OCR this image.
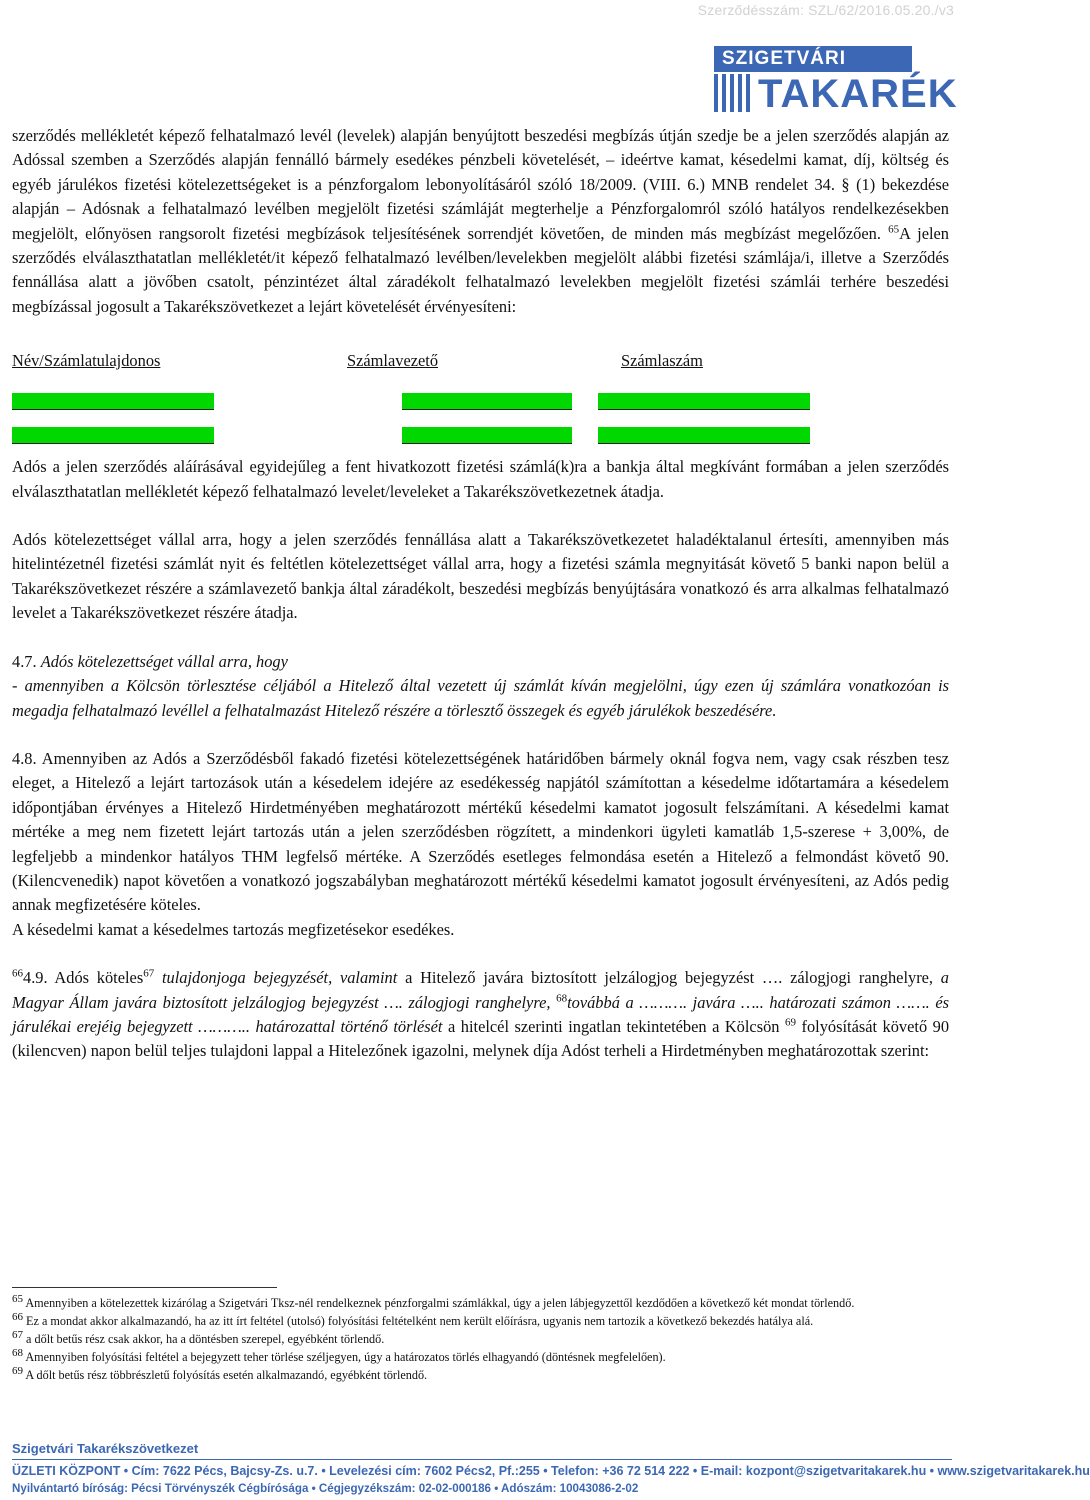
Szerződésszám: SZL/62/2016.05.20./v3
SZIGETVÁRI
TAKARÉK

szerződés mellékletét képező felhatalmazó levél (levelek) alapján benyújtott beszedési megbízás útján szedje be a jelen szerződés alapján az Adóssal szemben a Szerződés alapján fennálló bármely esedékes pénzbeli követelését, – ideértve kamat, késedelmi kamat, díj, költség és egyéb járulékos fizetési kötelezettségeket is a pénzforgalom lebonyolításáról szóló 18/2009. (VIII. 6.) MNB rendelet 34. § (1) bekezdése alapján – Adósnak a felhatalmazó levélben megjelölt fizetési számláját megterhelje a Pénzforgalomról szóló hatályos rendelkezésekben megjelölt, előnyösen rangsorolt fizetési megbízások teljesítésének sorrendjét követően, de minden más megbízást megelőzően. $^{65}$A jelen szerződés elválaszthatatlan mellékletét/it képező felhatalmazó levélben/levelekben megjelölt alábbi fizetési számlája/i, illetve a Szerződés fennállása alatt a jövőben csatolt, pénzintézet által záradékolt felhatalmazó levelekben megjelölt fizetési számlái terhére beszedési megbízással jogosult a Takarékszövetkezet a lejárt követelését érvényesíteni:

Név/Számlatulajdonos	Számlavezető	Számlaszám

Adós a jelen szerződés aláírásával egyidejűleg a fent hivatkozott fizetési számlá(k)ra a bankja által megkívánt formában a jelen szerződés elválaszthatatlan mellékletét képező felhatalmazó levelet/leveleket a Takarékszövetkezetnek átadja.

Adós kötelezettséget vállal arra, hogy a jelen szerződés fennállása alatt a Takarékszövetkezetet haladéktalanul értesíti, amennyiben más hitelintézetnél fizetési számlát nyit és feltétlen kötelezettséget vállal arra, hogy a fizetési számla megnyitását követő 5 banki napon belül a Takarékszövetkezet részére a számlavezető bankja által záradékolt, beszedési megbízás benyújtására vonatkozó és arra alkalmas felhatalmazó levelet a Takarékszövetkezet részére átadja.

4.7. Adós kötelezettséget vállal arra, hogy

- amennyiben a Kölcsön törlesztése céljából a Hitelező által vezetett új számlát kíván megjelölni, úgy ezen új számlára vonatkozóan is megadja felhatalmazó levéllel a felhatalmazást Hitelező részére a törlesztő összegek és egyéb járulékok beszedésére.

4.8. Amennyiben az Adós a Szerződésből fakadó fizetési kötelezettségének határidőben bármely oknál fogva nem, vagy csak részben tesz eleget, a Hitelező a lejárt tartozások után a késedelem idejére az esedékesség napjától számítottan a késedelme időtartamára a késedelem időpontjában érvényes a Hitelező Hirdetményében meghatározott mértékű késedelmi kamatot jogosult felszámítani. A késedelmi kamat mértéke a meg nem fizetett lejárt tartozás után a jelen szerződésben rögzített, a mindenkori ügyleti kamatláb 1,5-szerese + 3,00%, de legfeljebb a mindenkor hatályos THM legfelső mértéke. A Szerződés esetleges felmondása esetén a Hitelező a felmondást követő 90. (Kilencvenedik) napot követően a vonatkozó jogszabályban meghatározott mértékű késedelmi kamatot jogosult érvényesíteni, az Adós pedig annak megfizetésére köteles.

A késedelmi kamat a késedelmes tartozás megfizetésekor esedékes.

$^{66}$4.9. Adós köteles$^{67}$ tulajdonjoga bejegyzését, valamint a Hitelező javára biztosított jelzálogjog bejegyzést …. zálogjogi ranghelyre, a Magyar Állam javára biztosított jelzálogjog bejegyzést …. zálogjogi ranghelyre, $^{68}$továbbá a ………. javára ….. határozati számon ……. és járulékai erejéig bejegyzett ……….. határozattal történő törlését a hitelcél szerinti ingatlan tekintetében a Kölcsön $^{69}$ folyósítását követő 90 (kilencven) napon belül teljes tulajdoni lappal a Hitelezőnek igazolni, melynek díja Adóst terheli a Hirdetményben meghatározottak szerint:

$^{65}$ Amennyiben a kötelezettek kizárólag a Szigetvári Tksz-nél rendelkeznek pénzforgalmi számlákkal, úgy a jelen lábjegyzettől kezdődően a következő két mondat törlendő.

$^{66}$ Ez a mondat akkor alkalmazandó, ha az itt írt feltétel (utolsó) folyósítási feltételként nem került előírásra, ugyanis nem tartozik a következő bekezdés hatálya alá.

$^{67}$ a dőlt betűs rész csak akkor, ha a döntésben szerepel, egyébként törlendő.

$^{68}$ Amennyiben folyósítási feltétel a bejegyzett teher törlése széljegyen, úgy a határozatos törlés elhagyandó (döntésnek megfelelően).

$^{69}$ A dőlt betűs rész többrészletű folyósítás esetén alkalmazandó, egyébként törlendő.

Szigetvári Takarékszövetkezet
ÜZLETI KÖZPONT • Cím: 7622 Pécs, Bajcsy-Zs. u.7. • Levelezési cím: 7602 Pécs2, Pf.:255 • Telefon: +36 72 514 222 • E-mail: kozpont@szigetvaritakarek.hu • www.szigetvaritakarek.hu
Nyilvántartó bíróság: Pécsi Törvényszék Cégbírósága • Cégjegyzékszám: 02-02-000186 • Adószám: 10043086-2-02
